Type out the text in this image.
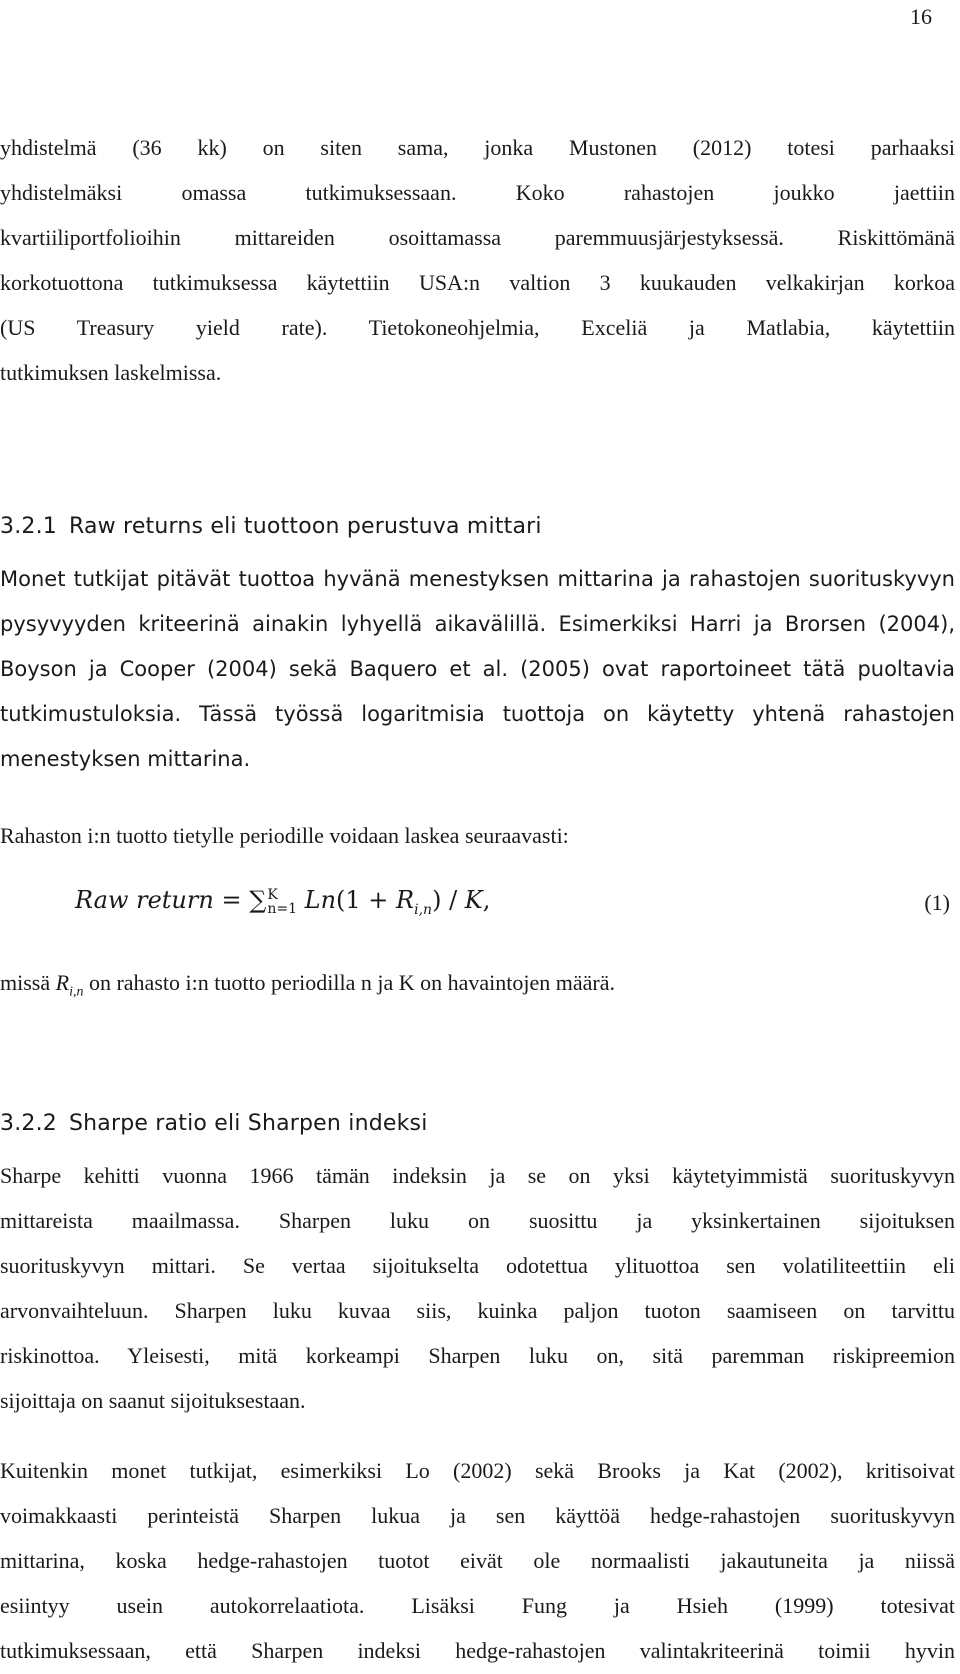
16
yhdistelmä (36 kk) on siten sama, jonka Mustonen (2012) totesi parhaaksi
yhdistelmäksi omassa tutkimuksessaan. Koko rahastojen joukko jaettiin
kvartiiliportfolioihin mittareiden osoittamassa paremmuusjärjestyksessä. Riskittömänä
korkotuottona tutkimuksessa käytettiin USA:n valtion 3 kuukauden velkakirjan korkoa
(US Treasury yield rate). Tietokoneohjelmia, Exceliä ja Matlabia, käytettiin
tutkimuksen laskelmissa.
3.2.1 Raw returns eli tuottoon perustuva mittari
Monet tutkijat pitävät tuottoa hyvänä menestyksen mittarina ja rahastojen suorituskyvyn
pysyvyyden kriteerinä ainakin lyhyellä aikavälillä. Esimerkiksi Harri ja Brorsen (2004),
Boyson ja Cooper (2004) sekä Baquero et al. (2005) ovat raportoineet tätä puoltavia
tutkimustuloksia. Tässä työssä logaritmisia tuottoja on käytetty yhtenä rahastojen
menestyksen mittarina.
Rahaston i:n tuotto tietylle periodille voidaan laskea seuraavasti:
Raw return = ∑ K
n=1 $Ln(1 + R_{i,n}) / K$,	(1)
missä $R_{i,n}$ on rahasto i:n tuotto periodilla n ja K on havaintojen määrä.
3.2.2 Sharpe ratio eli Sharpen indeksi
Sharpe kehitti vuonna 1966 tämän indeksin ja se on yksi käytetyimmistä suorituskyvyn
mittareista maailmassa. Sharpen luku on suosittu ja yksinkertainen sijoituksen
suorituskyvyn mittari. Se vertaa sijoitukselta odotettua ylituottoa sen volatiliteettiin eli
arvonvaihteluun. Sharpen luku kuvaa siis, kuinka paljon tuoton saamiseen on tarvittu
riskinottoa. Yleisesti, mitä korkeampi Sharpen luku on, sitä paremman riskipreemion
sijoittaja on saanut sijoituksestaan.
Kuitenkin monet tutkijat, esimerkiksi Lo (2002) sekä Brooks ja Kat (2002), kritisoivat
voimakkaasti perinteistä Sharpen lukua ja sen käyttöä hedge-rahastojen suorituskyvyn
mittarina, koska hedge-rahastojen tuotot eivät ole normaalisti jakautuneita ja niissä
esiintyy usein autokorrelaatiota. Lisäksi Fung ja Hsieh (1999) totesivat
tutkimuksessaan, että Sharpen indeksi hedge-rahastojen valintakriteerinä toimii hyvin
